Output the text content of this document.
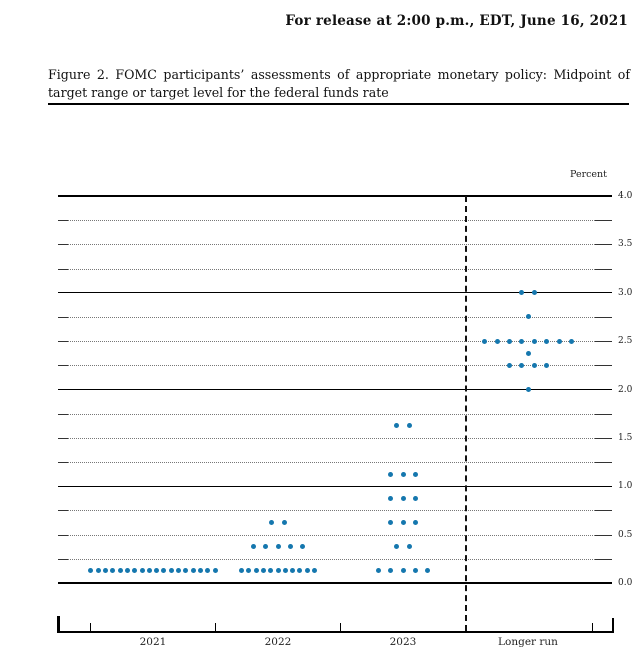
For release at 2:00 p.m., EDT, June 16, 2021
Figure 2. FOMC participants’ assessments of appropriate monetary policy: Midpoint of target range or target level for the federal funds rate
Percent
4.0
3.5
3.0
2.5
2.0
1.5
1.0
0.5
0.0
2021	2022	2023	Longer run
